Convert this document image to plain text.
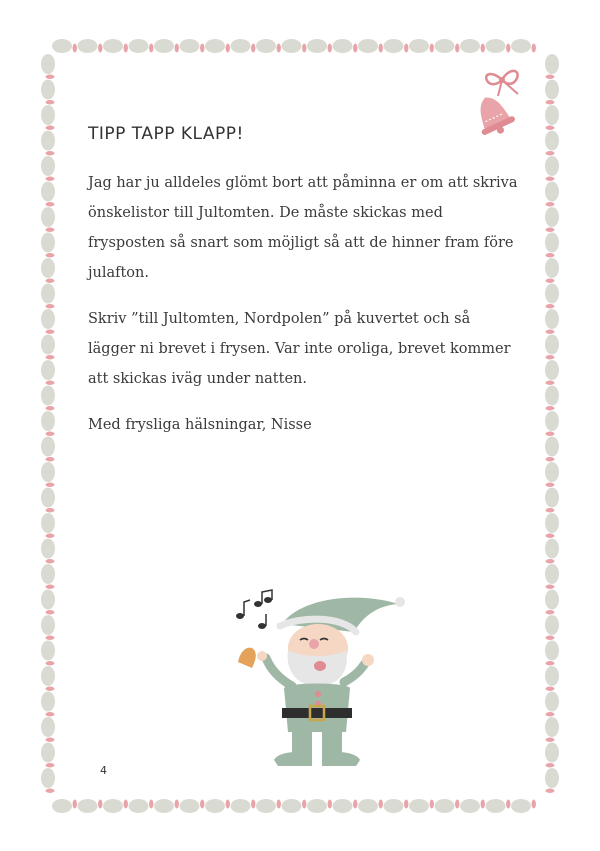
TIPP TAPP KLAPP!

Jag har ju alldeles glömt bort att påminna er om att skriva önskelistor till Jultomten. De måste skickas med frysposten så snart som möjligt så att de hinner fram före julafton.

Skriv ”till Jultomten, Nordpolen” på kuvertet och så lägger ni brevet i frysen. Var inte oroliga, brevet kommer att skickas iväg under natten.

Med frysliga hälsningar, Nisse

4
